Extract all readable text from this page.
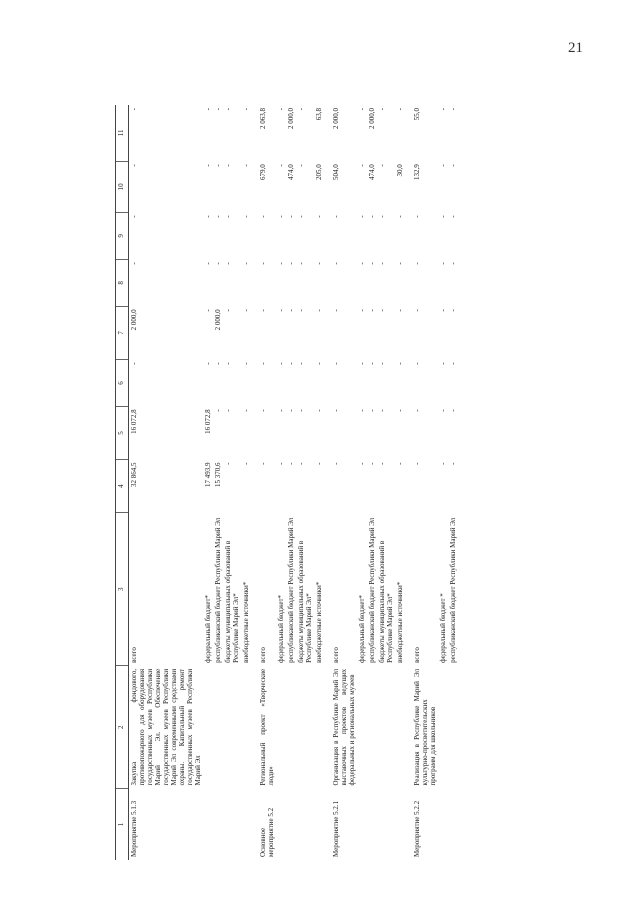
21
1	2	3	4	5	6	7	8	9	10	11
Мероприятие 5.1.3	Закупка фондового, противопожарного для оборудования государственных музеев Республики Марий Эл. Обеспечение государственных музеев Республики Марий Эл современными средствами охраны. Капитальный ремонт государственных музеев Республики Марий Эл	всего	32 864,5	16 072,8	-	2 000,0	-	-	-	-
		федеральный бюджет*	17 493,9	16 072,8	-	-	-	-	-	-
		республиканский бюджет Республики Марий Эл	15 370,6	-	-	2 000,0	-	-	-	-
		бюджеты муниципальных образований в Республике Марий Эл*	-	-	-	-	-	-	-	-
		внебюджетные источники*	-	-	-	-	-	-	-	-
Основное мероприятие 5.2	Региональный проект «Творческие люди»	всего	-	-	-	-	-	-	679,0	2 063,8
		федеральный бюджет*	-	-	-	-	-	-	-	-
		республиканский бюджет Республики Марий Эл	-	-	-	-	-	-	474,0	2 000,0
		бюджеты муниципальных образований в Республике Марий Эл*	-	-	-	-	-	-	-	-
		внебюджетные источники*	-	-	-	-	-	-	205,0	63,8
Мероприятие 5.2.1	Организация в Республике Марий Эл выставочных проектов ведущих федеральных и региональных музеев	всего	-	-	-	-	-	-	504,0	2 000,0
		федеральный бюджет*	-	-	-	-	-	-	-	-
		республиканский бюджет Республики Марий Эл	-	-	-	-	-	-	474,0	2 000,0
		бюджеты муниципальных образований в Республике Марий Эл*	-	-	-	-	-	-	-	-
		внебюджетные источники*	-	-	-	-	-	-	30,0	-
Мероприятие 5.2.2	Реализация в Республике Марий Эл культурно-просветительских программ для школьников	всего	-	-	-	-	-	-	132,9	55,0
		федеральный бюджет *	-	-	-	-	-	-	-	-
		республиканский бюджет Республики Марий Эл	-	-	-	-	-	-	-	-
